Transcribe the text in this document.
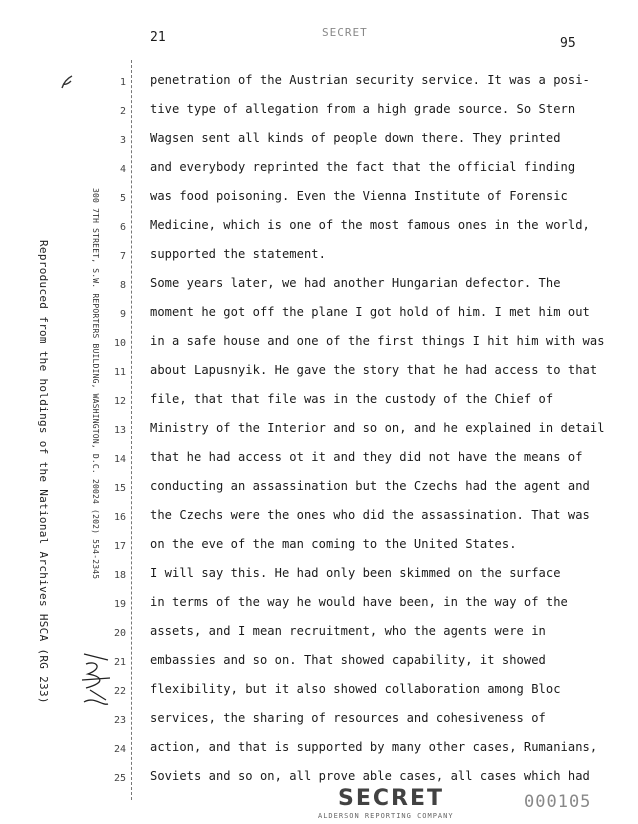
21	SECRET
95
Reproduced from the holdings of the National Archives HSCA (RG 233)	300 7TH STREET, S.W. REPORTERS BUILDING, WASHINGTON, D.C. 20024 (202) 554-2345
1
2
3
4
5
6
7
8
9
10
11
12
13
14
15
16
17
18
19
20
21
22
23
24
25
penetration of the Austrian security service. It was a posi-
tive type of allegation from a high grade source. So Stern
Wagsen sent all kinds of people down there. They printed
and everybody reprinted the fact that the official finding
was food poisoning. Even the Vienna Institute of Forensic
Medicine, which is one of the most famous ones in the world,
supported the statement.
Some years later, we had another Hungarian defector. The
moment he got off the plane I got hold of him. I met him out
in a safe house and one of the first things I hit him with was
about Lapusnyik. He gave the story that he had access to that
file, that that file was in the custody of the Chief of
Ministry of the Interior and so on, and he explained in detail
that he had access ot it and they did not have the means of
conducting an assassination but the Czechs had the agent and
the Czechs were the ones who did the assassination. That was
on the eve of the man coming to the United States.
I will say this. He had only been skimmed on the surface
in terms of the way he would have been, in the way of the
assets, and I mean recruitment, who the agents were in
embassies and so on. That showed capability, it showed
flexibility, but it also showed collaboration among Bloc
services, the sharing of resources and cohesiveness of
action, and that is supported by many other cases, Rumanians,
Soviets and so on, all prove able cases, all cases which had
SECRET
ALDERSON REPORTING COMPANY
000105
